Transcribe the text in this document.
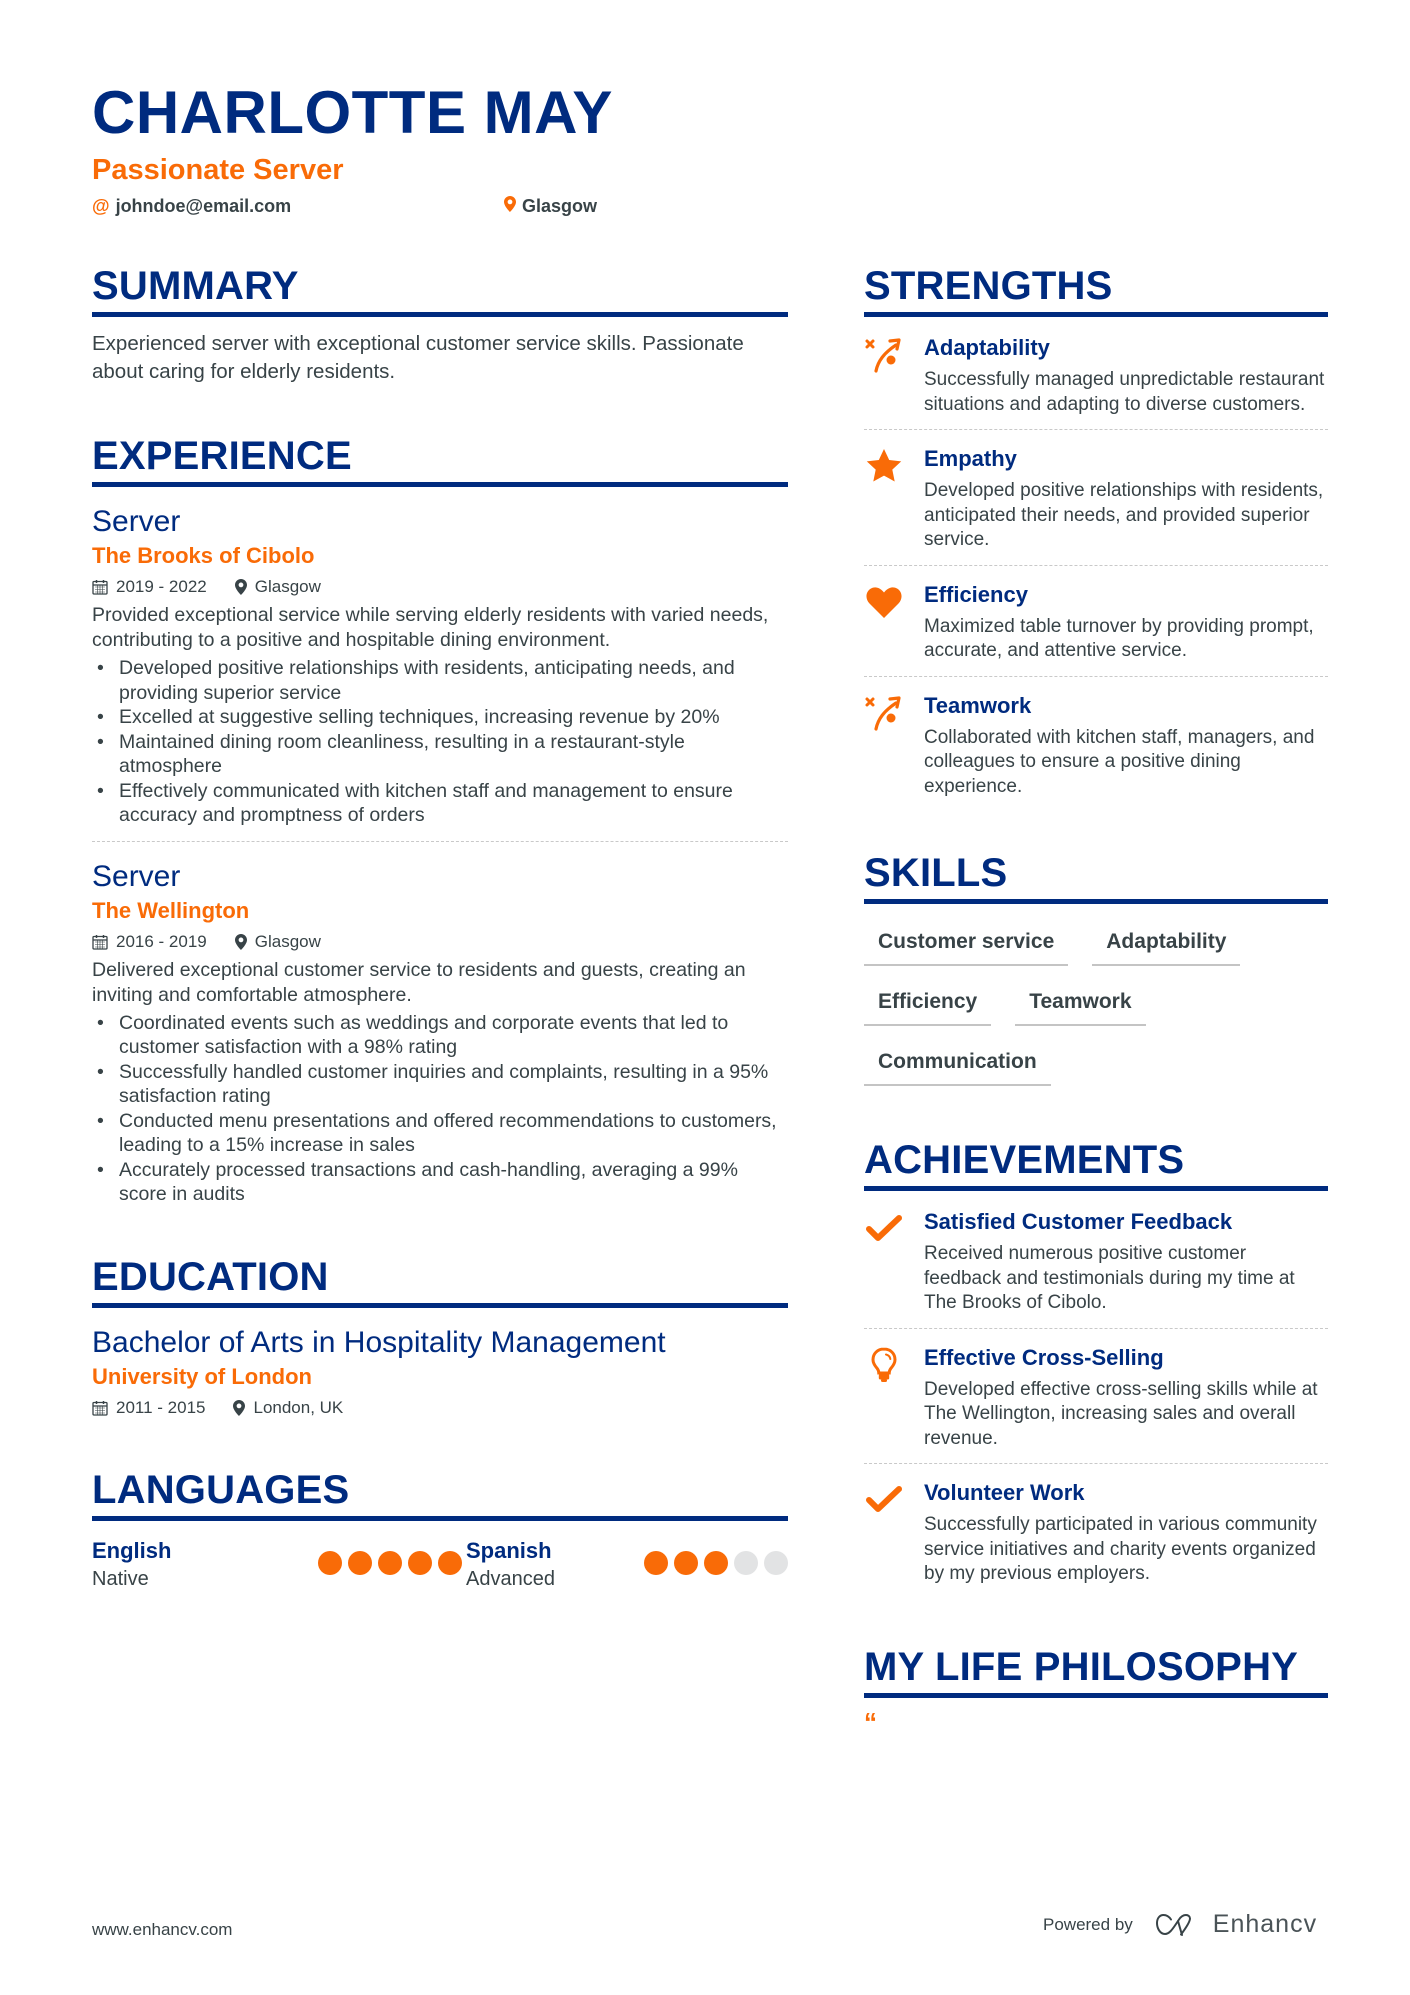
CHARLOTTE MAY
Passionate Server
@ johndoe@email.com	Glasgow
SUMMARY

Experienced server with exceptional customer service skills. Passionate about caring for elderly residents.

EXPERIENCE
Server
The Brooks of Cibolo
2019 - 2022	Glasgow

Provided exceptional service while serving elderly residents with varied needs, contributing to a positive and hospitable dining environment.

• Developed positive relationships with residents, anticipating needs, and providing superior service
• Excelled at suggestive selling techniques, increasing revenue by 20%
• Maintained dining room cleanliness, resulting in a restaurant-style atmosphere
• Effectively communicated with kitchen staff and management to ensure accuracy and promptness of orders
Server
The Wellington
2016 - 2019	Glasgow

Delivered exceptional customer service to residents and guests, creating an inviting and comfortable atmosphere.

• Coordinated events such as weddings and corporate events that led to customer satisfaction with a 98% rating
• Successfully handled customer inquiries and complaints, resulting in a 95% satisfaction rating
• Conducted menu presentations and offered recommendations to customers, leading to a 15% increase in sales
• Accurately processed transactions and cash-handling, averaging a 99% score in audits
EDUCATION
Bachelor of Arts in Hospitality Management
University of London
2011 - 2015	London, UK
LANGUAGES
English
Native
Spanish
Advanced
STRENGTHS
Adaptability
Successfully managed unpredictable restaurant situations and adapting to diverse customers.
Empathy
Developed positive relationships with residents, anticipated their needs, and provided superior service.
Efficiency
Maximized table turnover by providing prompt, accurate, and attentive service.
Teamwork
Collaborated with kitchen staff, managers, and colleagues to ensure a positive dining experience.
SKILLS
Customer service	Adaptability
Efficiency	Teamwork
Communication
ACHIEVEMENTS
Satisfied Customer Feedback
Received numerous positive customer feedback and testimonials during my time at The Brooks of Cibolo.
Effective Cross-Selling
Developed effective cross-selling skills while at The Wellington, increasing sales and overall revenue.
Volunteer Work
Successfully participated in various community service initiatives and charity events organized by my previous employers.
MY LIFE PHILOSOPHY
“
www.enhancv.com	Powered by	Enhancv
